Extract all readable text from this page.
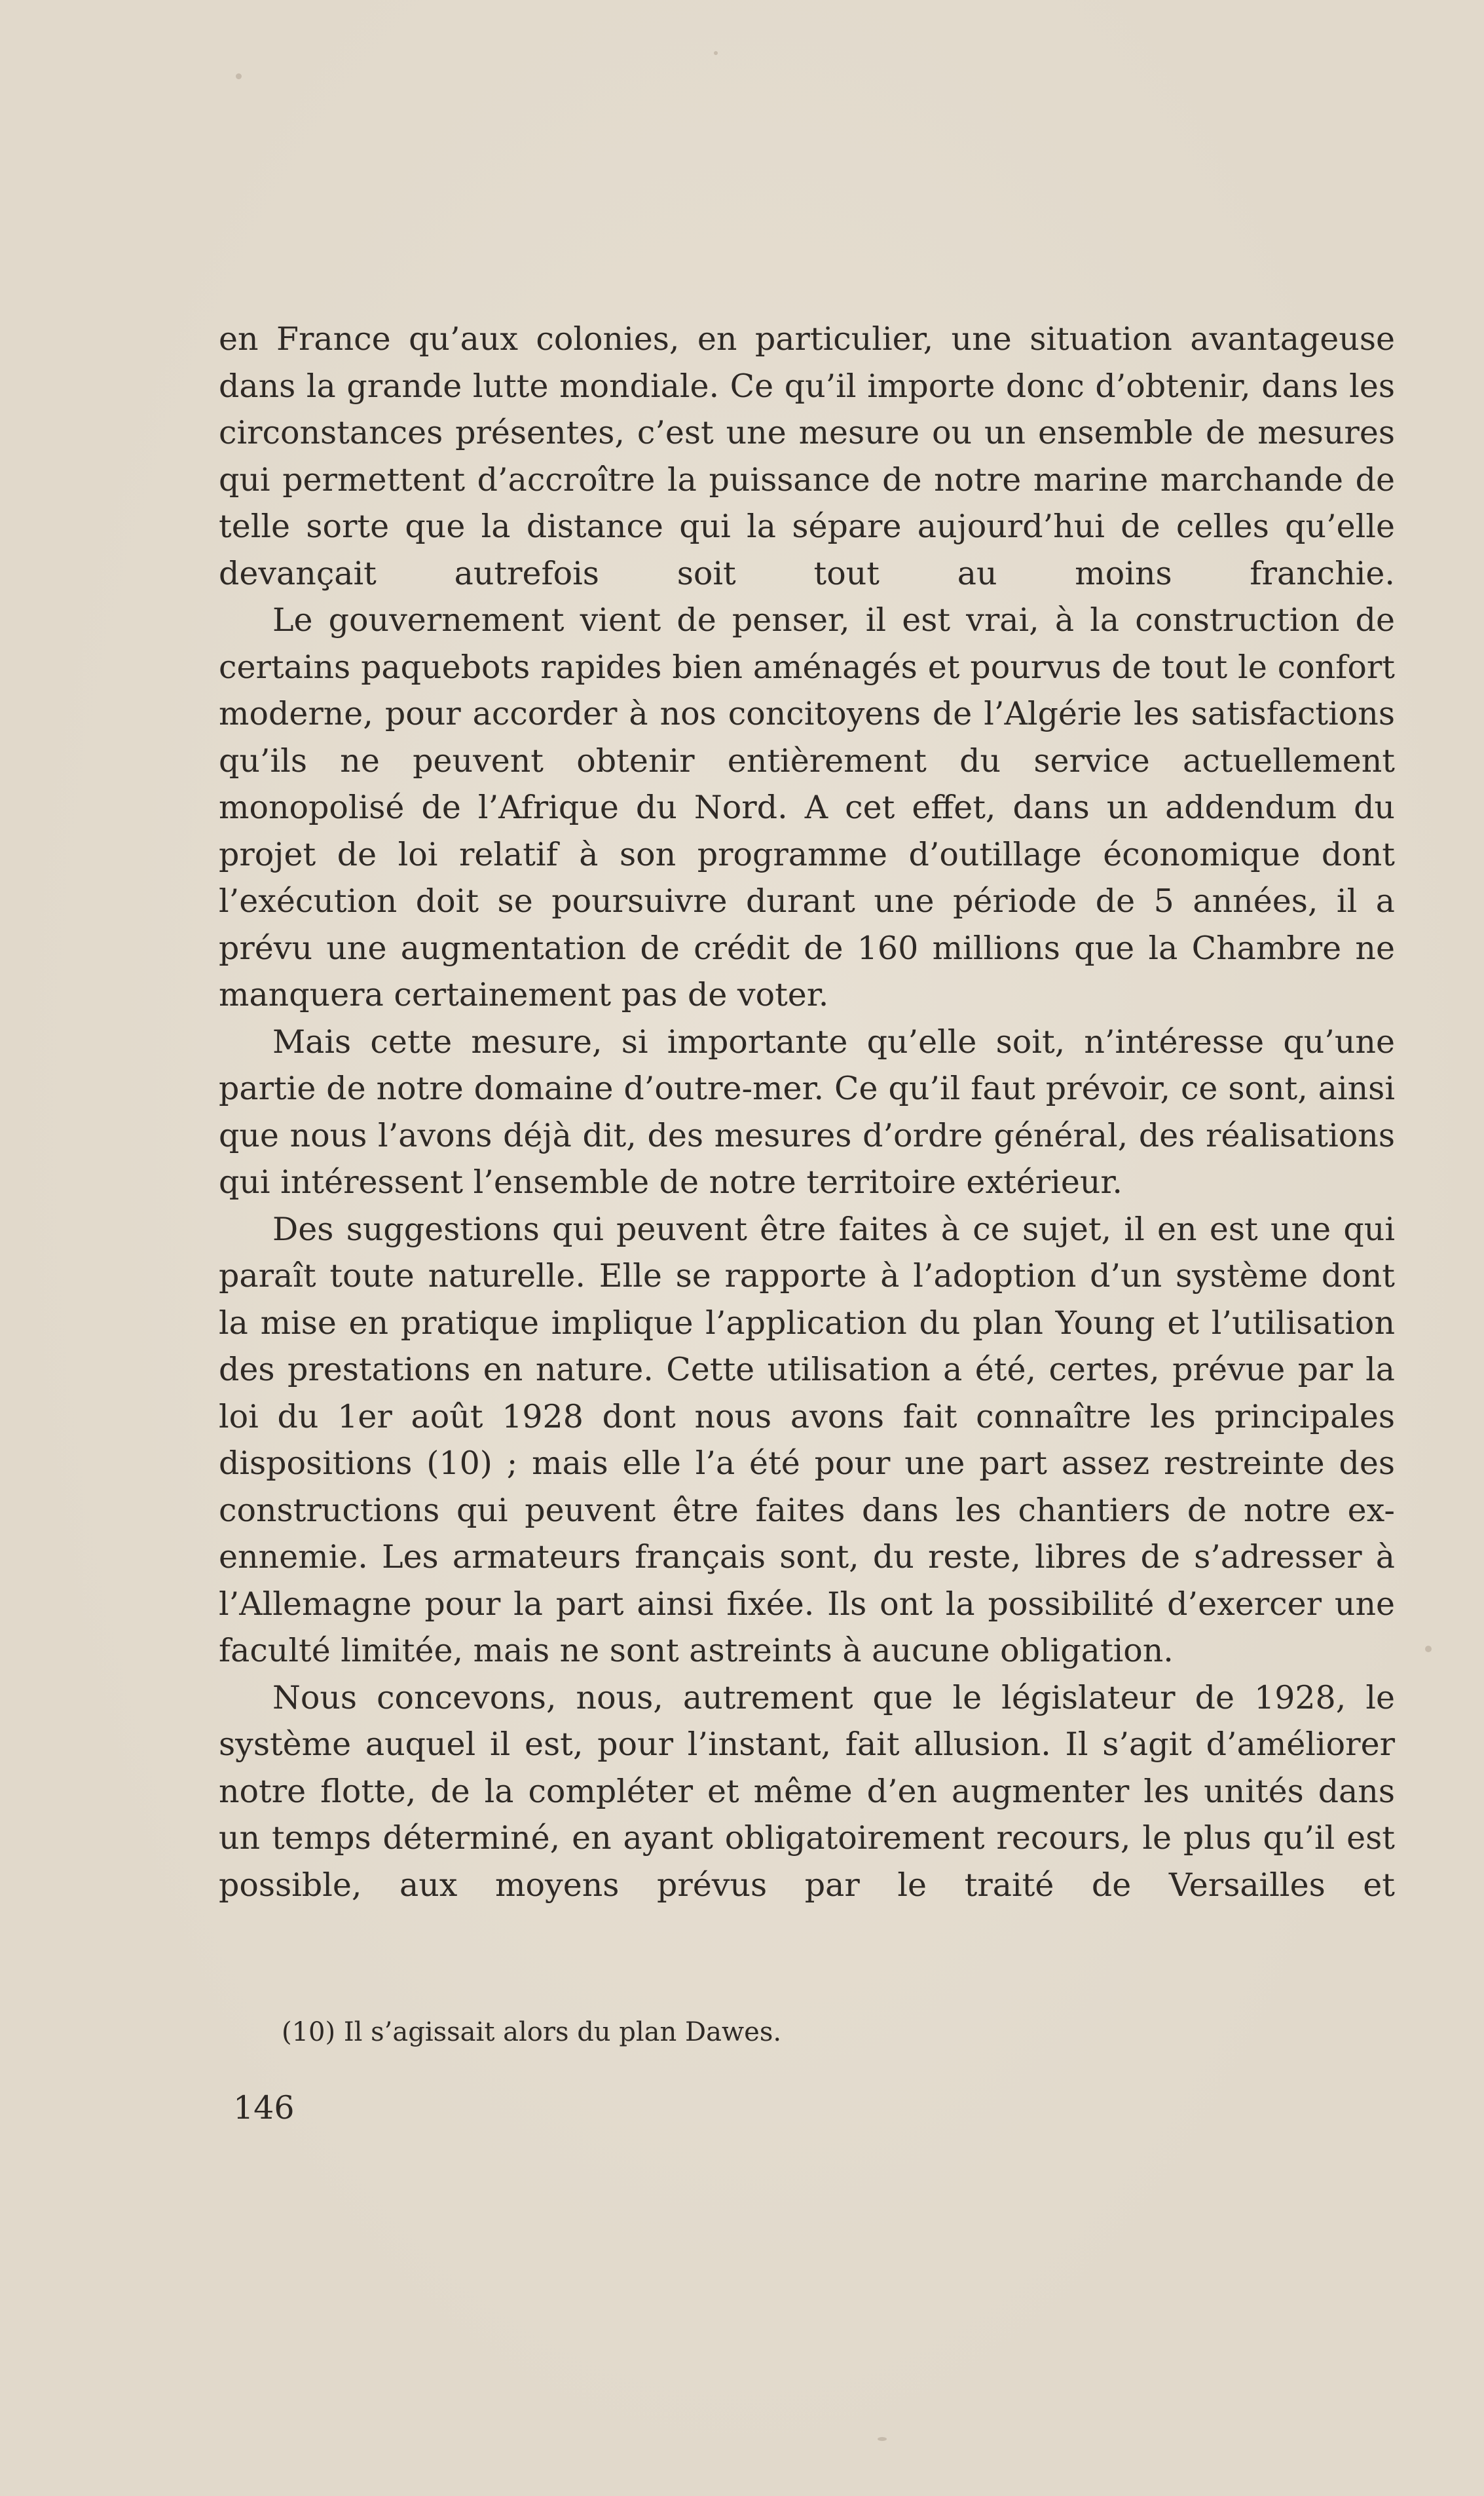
en France qu’aux colonies, en particulier, une situation avantageuse dans la grande lutte mondiale. Ce qu’il importe donc d’obtenir, dans les circonstances présentes, c’est une mesure ou un ensemble de mesures qui permettent d’accroître la puissance de notre marine marchande de telle sorte que la distance qui la sépare aujourd’hui de celles qu’elle devançait autrefois soit tout au moins franchie.

Le gouvernement vient de penser, il est vrai, à la construction de certains paquebots rapides bien aménagés et pourvus de tout le confort moderne, pour accorder à nos concitoyens de l’Algérie les satisfactions qu’ils ne peuvent obtenir entièrement du service actuellement monopolisé de l’Afrique du Nord. A cet effet, dans un addendum du projet de loi relatif à son programme d’outillage économique dont l’exécution doit se poursuivre durant une période de 5 années, il a prévu une augmentation de crédit de 160 millions que la Chambre ne manquera certainement pas de voter.

Mais cette mesure, si importante qu’elle soit, n’intéresse qu’une partie de notre domaine d’outre-mer. Ce qu’il faut prévoir, ce sont, ainsi que nous l’avons déjà dit, des mesures d’ordre général, des réalisations qui intéressent l’ensemble de notre territoire extérieur.

Des suggestions qui peuvent être faites à ce sujet, il en est une qui paraît toute naturelle. Elle se rapporte à l’adoption d’un système dont la mise en pratique implique l’application du plan Young et l’utilisation des prestations en nature. Cette utilisation a été, certes, prévue par la loi du 1er août 1928 dont nous avons fait connaître les principales dispositions (10) ; mais elle l’a été pour une part assez restreinte des constructions qui peuvent être faites dans les chantiers de notre ex-ennemie. Les armateurs français sont, du reste, libres de s’adresser à l’Allemagne pour la part ainsi fixée. Ils ont la possibilité d’exercer une faculté limitée, mais ne sont astreints à aucune obligation.

Nous concevons, nous, autrement que le législateur de 1928, le système auquel il est, pour l’instant, fait allusion. Il s’agit d’améliorer notre flotte, de la compléter et même d’en augmenter les unités dans un temps déterminé, en ayant obligatoirement recours, le plus qu’il est possible, aux moyens prévus par le traité de Versailles et

(10) Il s’agissait alors du plan Dawes.

146
